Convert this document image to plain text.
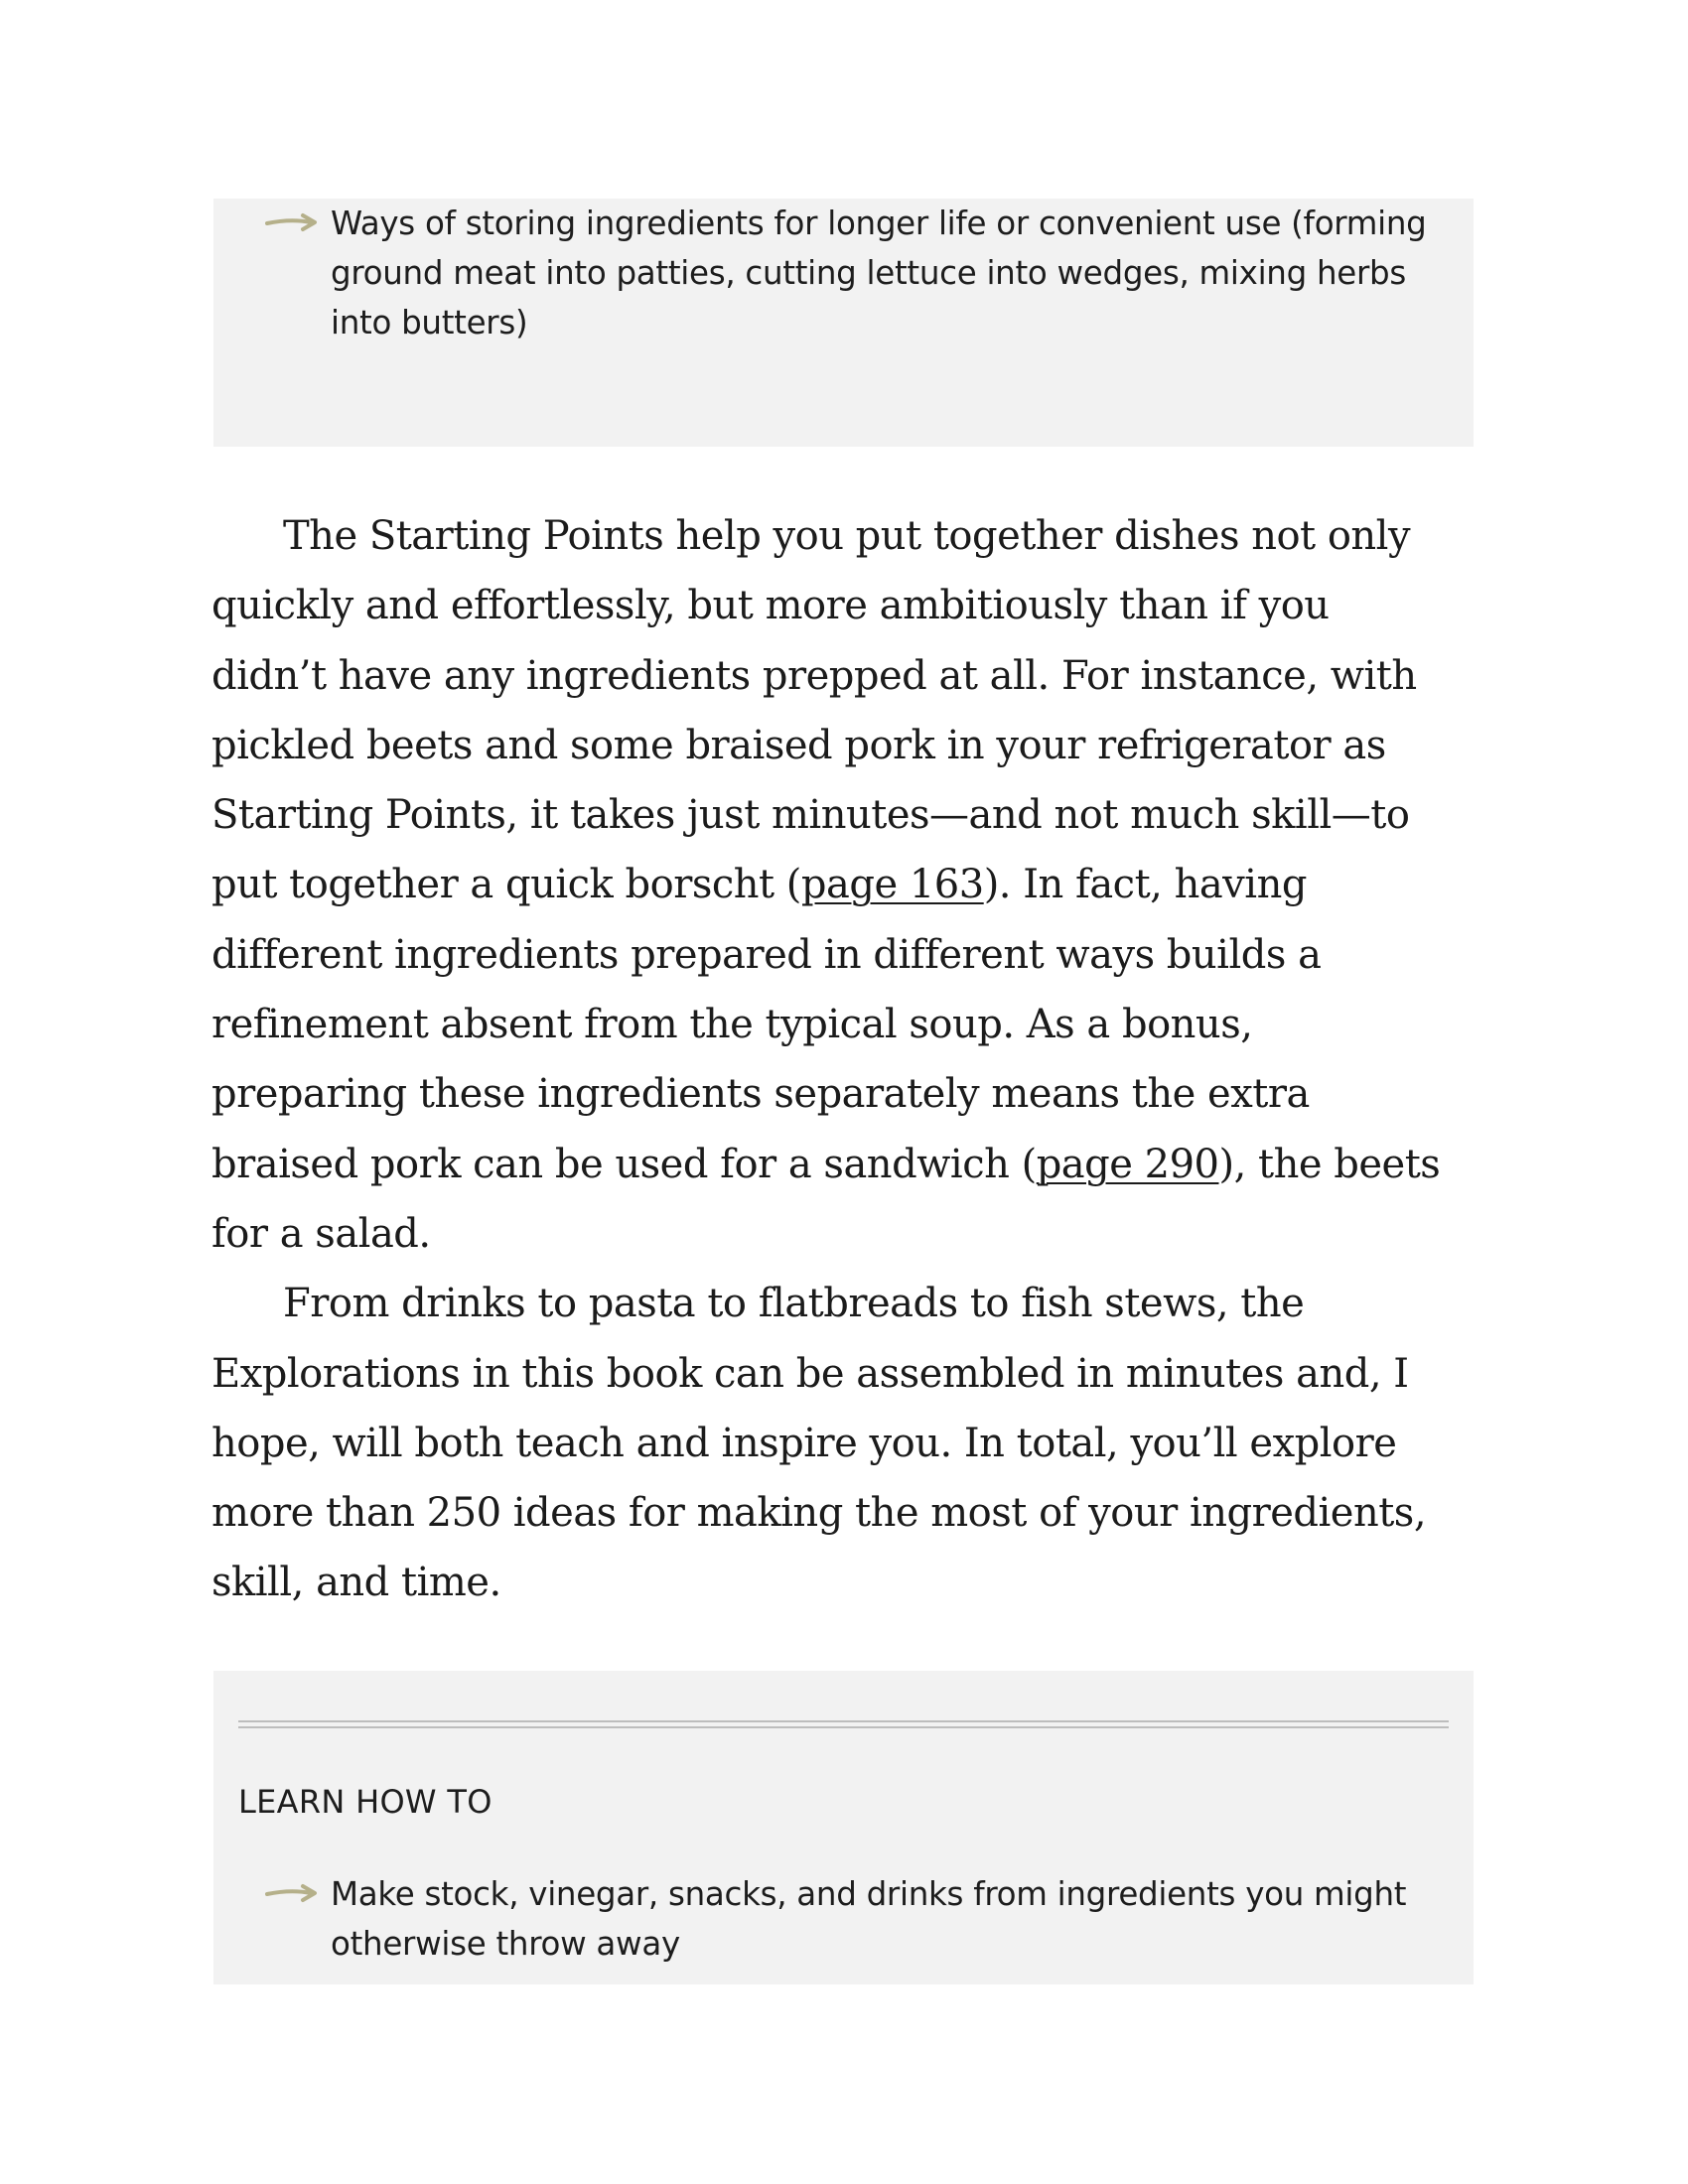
Ways of storing ingredients for longer life or convenient use (forming
ground meat into patties, cutting lettuce into wedges, mixing herbs
into butters)
The Starting Points help you put together dishes not only
quickly and effortlessly, but more ambitiously than if you
didn’t have any ingredients prepped at all. For instance, with
pickled beets and some braised pork in your refrigerator as
Starting Points, it takes just minutes—and not much skill—to
put together a quick borscht (page 163). In fact, having
different ingredients prepared in different ways builds a
refinement absent from the typical soup. As a bonus,
preparing these ingredients separately means the extra
braised pork can be used for a sandwich (page 290), the beets
for a salad.
From drinks to pasta to flatbreads to fish stews, the
Explorations in this book can be assembled in minutes and, I
hope, will both teach and inspire you. In total, you’ll explore
more than 250 ideas for making the most of your ingredients,
skill, and time.
LEARN HOW TO
Make stock, vinegar, snacks, and drinks from ingredients you might
otherwise throw away
